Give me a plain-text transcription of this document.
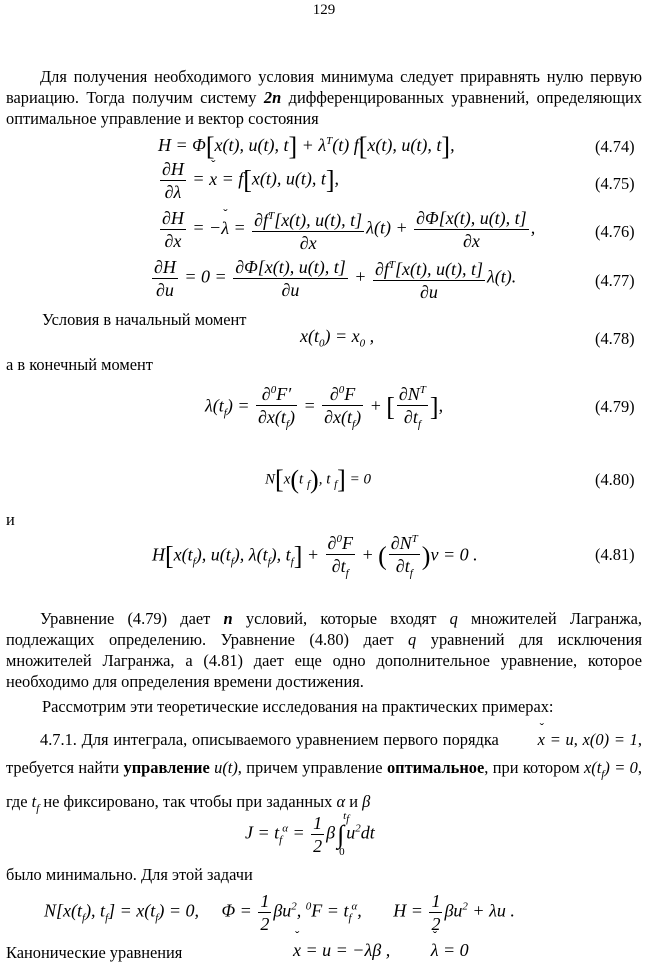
129
Для получения необходимого условия минимума следует приравнять нулю первую вариацию. Тогда получим систему 2n дифференцированных уравнений, определяющих оптимальное управление и вектор состояния
H = Φ[x(t), u(t), $t] + \lambda^T(t)$ f[x(t), u(t), t],	(4.74)
$\frac{\partial H}{\partial\lambda}$ = ˇ x = f[x(t), u(t), t],	(4.75)
$\frac{\partial H}{\partial x}$ = −ˇ $\lambda = \frac{\partial f^T[x(t), u(t), t]}{\partial x} \lambda(t) + \frac{\partial\Phi[x(t), u(t), t]}{\partial x}$ ,	(4.76)
$\frac{\partial H}{\partial u} = 0 = \frac{\partial\Phi[x(t), u(t), t]}{\partial u} + \frac{\partial f^T[x(t), u(t), t]}{\partial u} \lambda(t)$.	(4.77)
Условия в начальный момент
$x(t_0) = x_0$ ,	(4.78)
а в конечный момент
$\lambda(t_f) = \frac{\partial^0F'}{\partial x(t_f)} = \frac{\partial^0F}{\partial x(t_f)}$ + [ $\frac{\partial N^T}{\partial t_f}$ ],	(4.79)
N[x(t $_f$), t $_f$] = 0	(4.80)
и
$H[x(t_f)$, $u(t_f)$, $\lambda(t_f)$, $t_f] + \frac{\partial^0F}{\partial t_f}$ + ( $\frac{\partial N^T}{\partial t_f} )\nu = 0$ .	(4.81)
Уравнение (4.79) дает n условий, которые входят q множителей Лагранжа, подлежащих определению. Уравнение (4.80) дает q уравнений для исключения множителей Лагранжа, а (4.81) дает еще одно дополнительное уравнение, которое необходимо для определения времени достижения.
Рассмотрим эти теоретические исследования на практических примерах:
4.7.1. Для интеграла, описываемого уравнением первого порядка ˇ x = u, x(0) = 1, требуется найти управление u(t), причем управление оптимальное, при котором $x(t_f) = 0$, где $t_f$ не фиксировано, так чтобы при заданных α и β
$J = t_f^\alpha = \frac{1}{2} \beta\int$
tf
0
$u^2dt$
было минимально. Для этой задачи
$N[x(t_f)$, $t_f] = x(t_f) = 0$,     $\Phi = \frac{1}{2} \beta u^2$, $^0F = t_f^\alpha$,       $H = \frac{1}{2} \beta u^2 + \lambda u$ .
Канонические уравнения	ˇ x = u = −λβ ,         ˇ λ = 0
